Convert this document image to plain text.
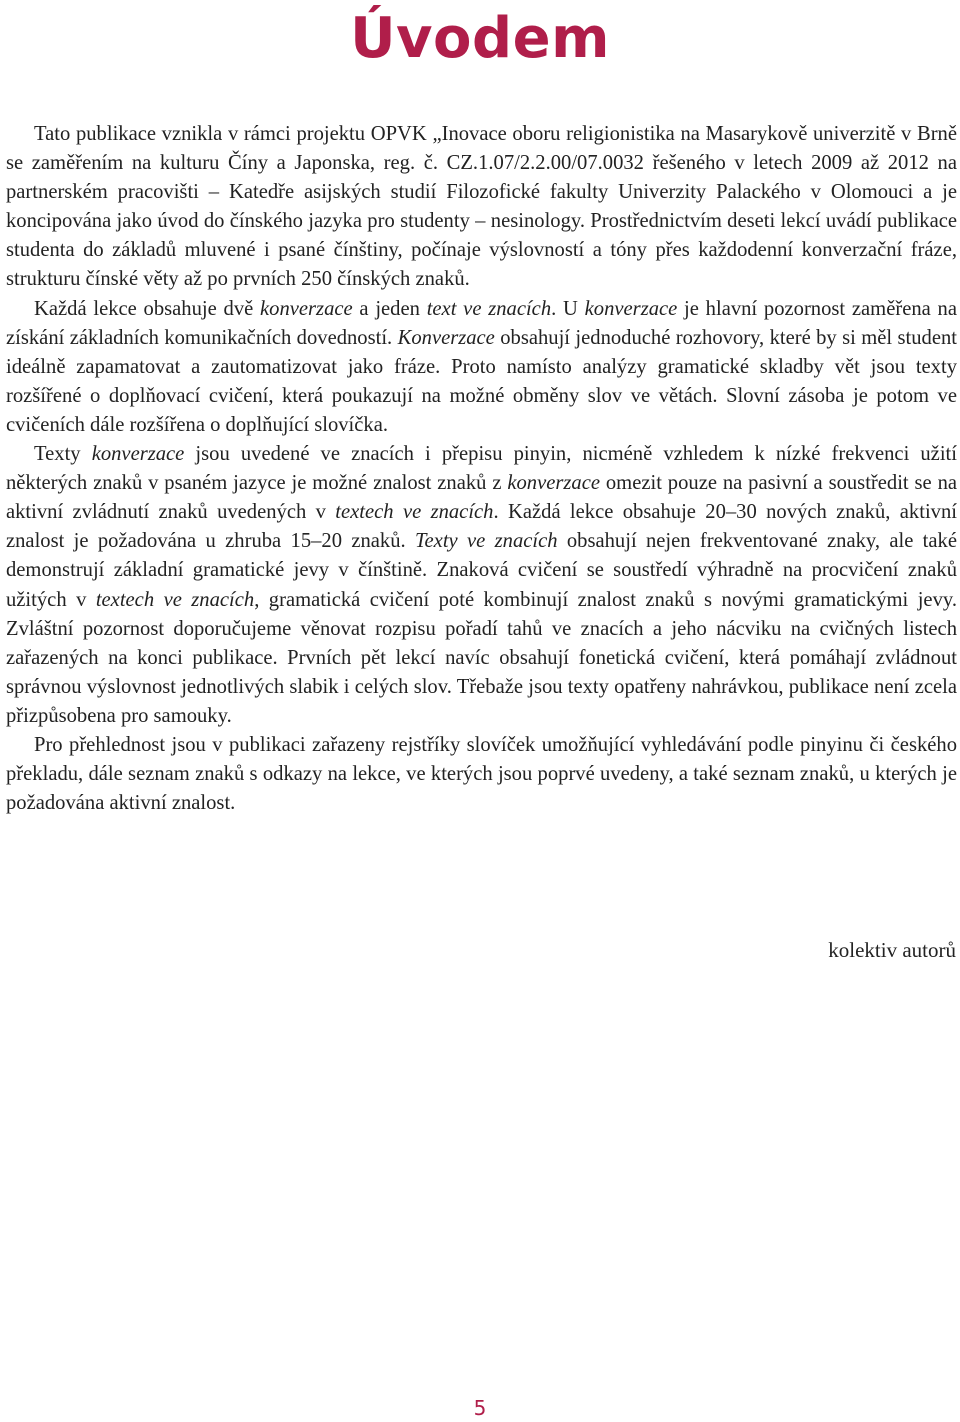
Úvodem

Tato publikace vznikla v rámci projektu OPVK „Inovace oboru religionistika na Masarykově univerzitě v Brně se zaměřením na kulturu Číny a Japonska, reg. č. CZ.1.07/2.2.00/07.0032 řešeného v letech 2009 až 2012 na partnerském pracovišti – Katedře asijských studií Filozofické fakulty Univerzity Palackého v Olomouci a je koncipována jako úvod do čínského jazyka pro studenty – nesinology. Prostřednictvím deseti lekcí uvádí publikace studenta do základů mluvené i psané čínštiny, počínaje výslovností a tóny přes každodenní konverzační fráze, strukturu čínské věty až po prvních 250 čínských znaků.

Každá lekce obsahuje dvě konverzace a jeden text ve znacích. U konverzace je hlavní pozornost zaměřena na získání základních komunikačních dovedností. Konverzace obsahují jednoduché rozhovory, které by si měl student ideálně zapamatovat a zautomatizovat jako fráze. Proto namísto analýzy gramatické skladby vět jsou texty rozšířené o doplňovací cvičení, která poukazují na možné obměny slov ve větách. Slovní zásoba je potom ve cvičeních dále rozšířena o doplňující slovíčka.

Texty konverzace jsou uvedené ve znacích i přepisu pinyin, nicméně vzhledem k nízké frekvenci užití některých znaků v psaném jazyce je možné znalost znaků z konverzace omezit pouze na pasivní a soustředit se na aktivní zvládnutí znaků uvedených v textech ve znacích. Každá lekce obsahuje 20–30 nových znaků, aktivní znalost je požadována u zhruba 15–20 znaků. Texty ve znacích obsahují nejen frekventované znaky, ale také demonstrují základní gramatické jevy v čínštině. Znaková cvičení se soustředí výhradně na procvičení znaků užitých v textech ve znacích, gramatická cvičení poté kombinují znalost znaků s novými gramatickými jevy. Zvláštní pozornost doporučujeme věnovat rozpisu pořadí tahů ve znacích a jeho nácviku na cvičných listech zařazených na konci publikace. Prvních pět lekcí navíc obsahují fonetická cvičení, která pomáhají zvládnout správnou výslovnost jednotlivých slabik i celých slov. Třebaže jsou texty opatřeny nahrávkou, publikace není zcela přizpůsobena pro samouky.

Pro přehlednost jsou v publikaci zařazeny rejstříky slovíček umožňující vyhledávání podle pinyinu či českého překladu, dále seznam znaků s odkazy na lekce, ve kterých jsou poprvé uvedeny, a také seznam znaků, u kterých je požadována aktivní znalost.

kolektiv autorů
5
